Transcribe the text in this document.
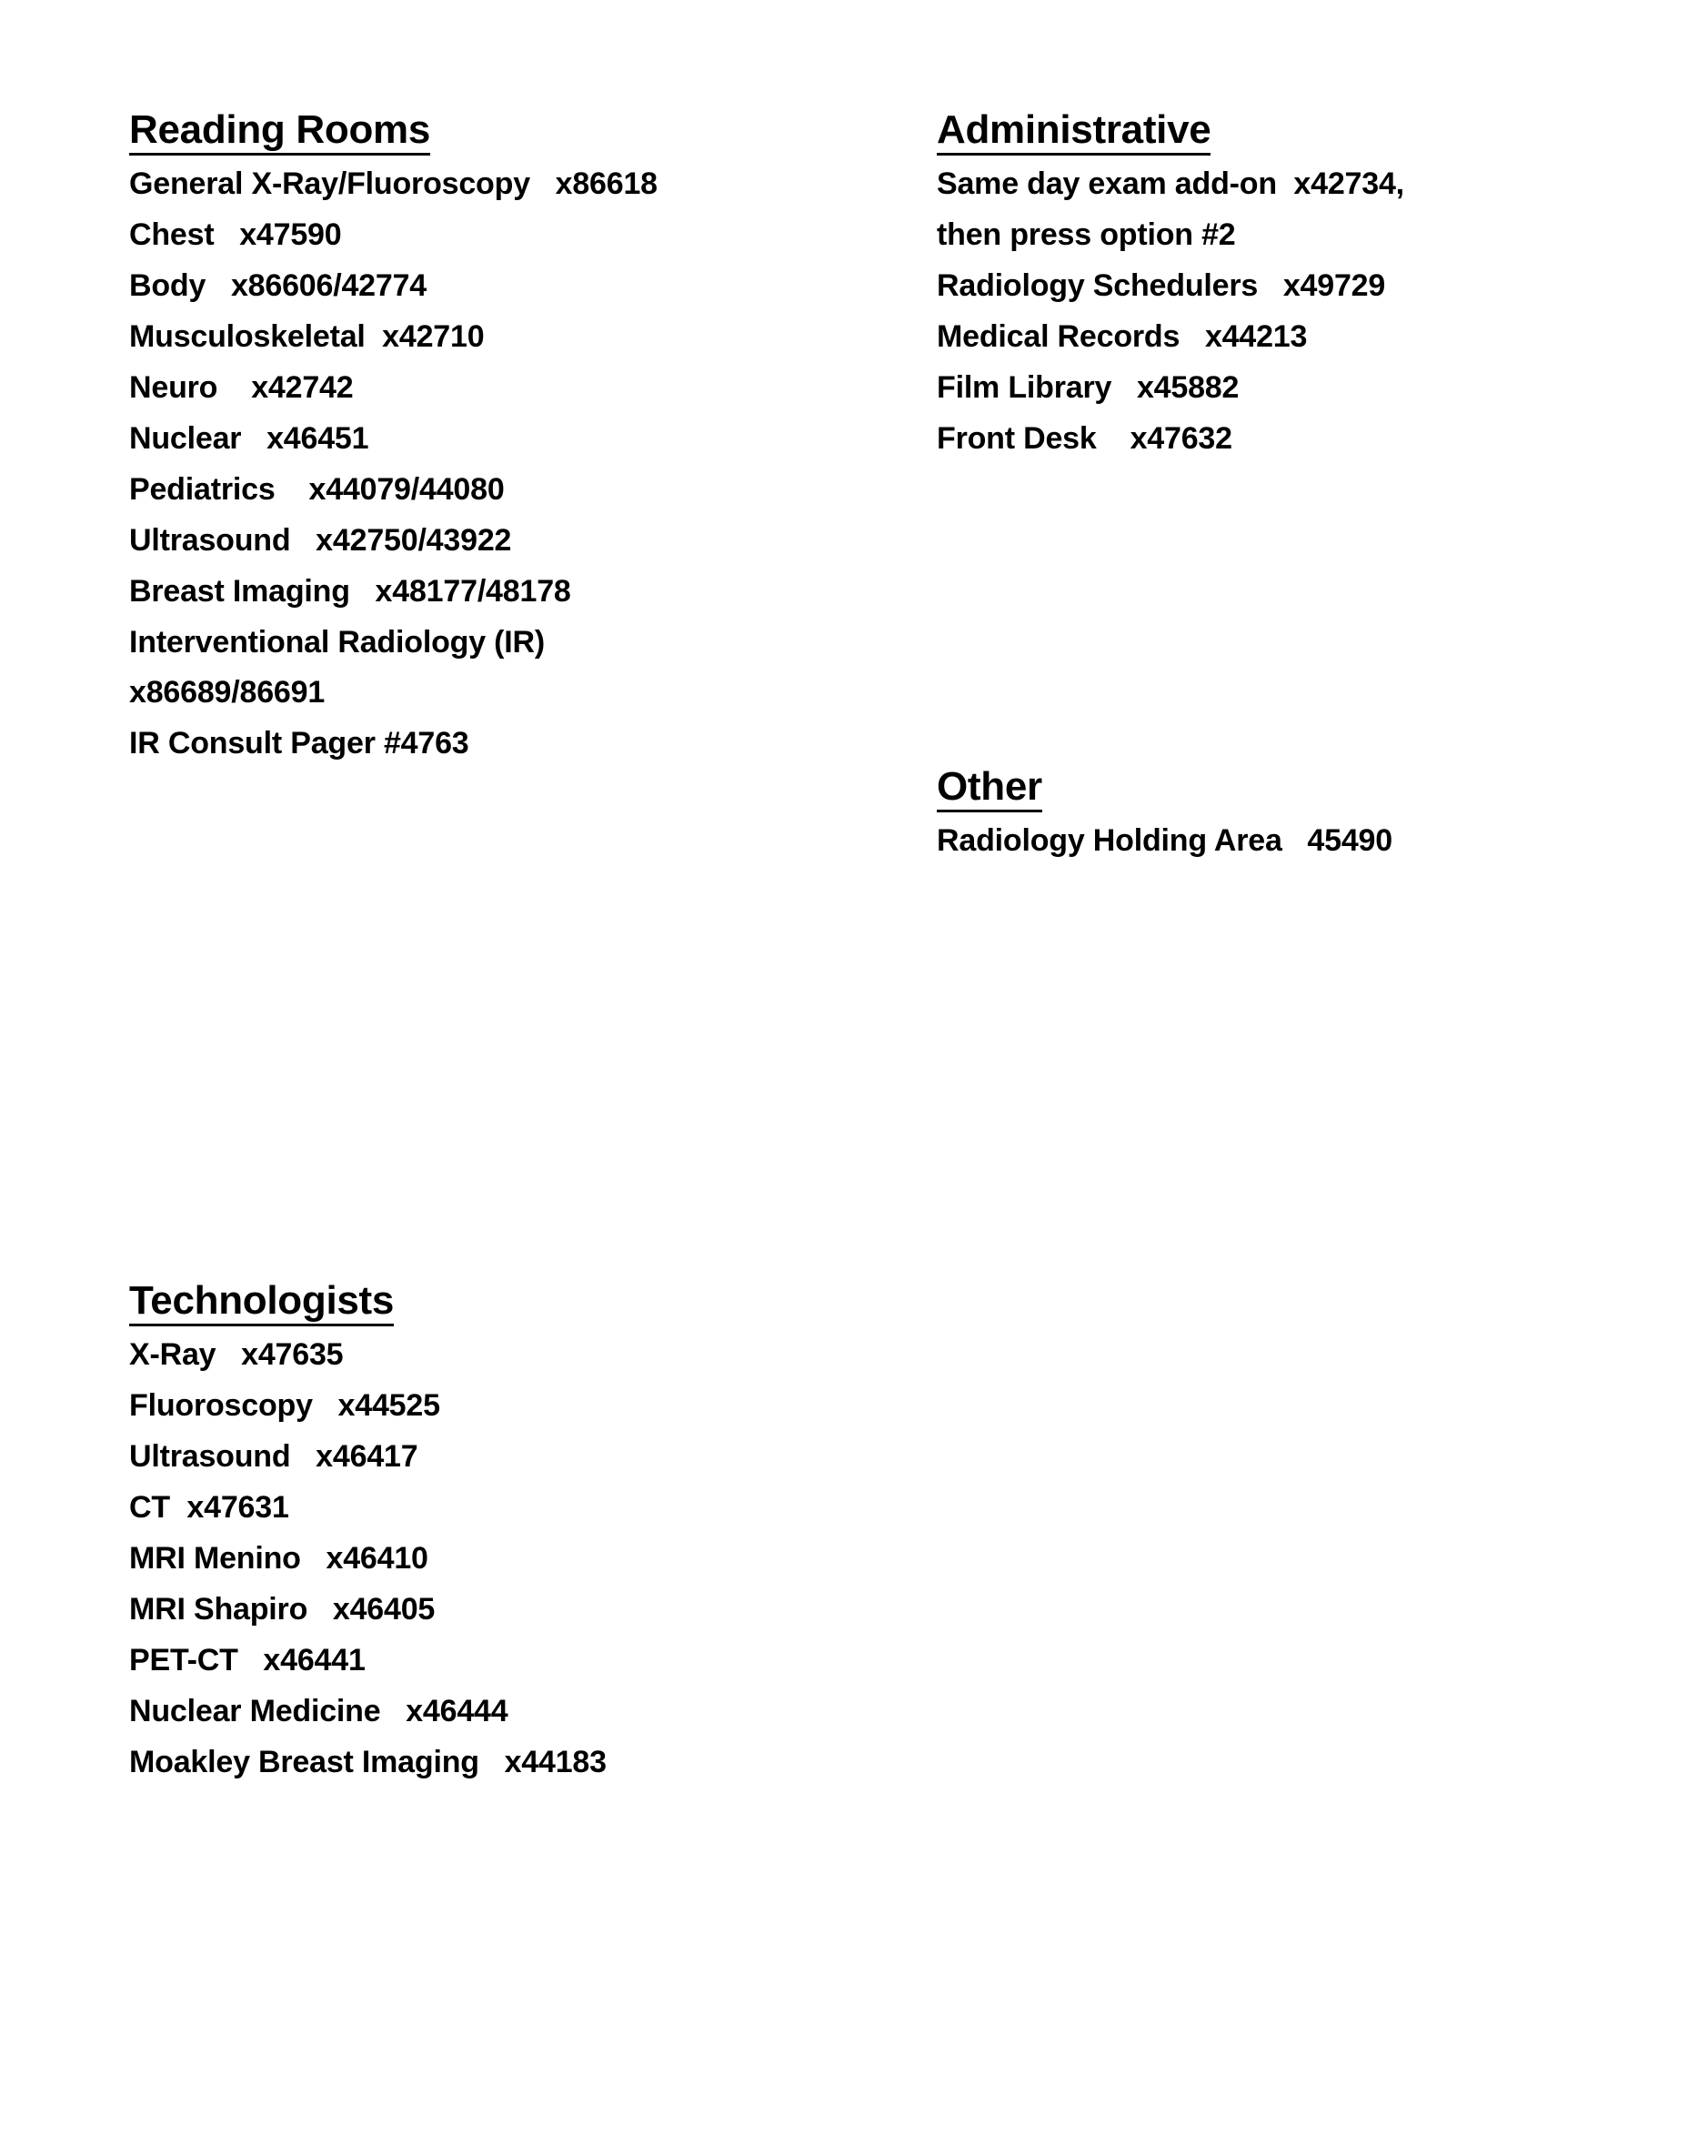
Reading Rooms
General X-Ray/Fluoroscopy   x86618
Chest   x47590
Body   x86606/42774
Musculoskeletal  x42710
Neuro    x42742
Nuclear   x46451
Pediatrics    x44079/44080
Ultrasound   x42750/43922
Breast Imaging   x48177/48178
Interventional Radiology (IR)
x86689/86691
IR Consult Pager #4763
Administrative
Same day exam add-on  x42734,
then press option #2
Radiology Schedulers   x49729
Medical Records   x44213
Film Library   x45882
Front Desk    x47632
Other
Radiology Holding Area   45490
Technologists
X-Ray   x47635
Fluoroscopy   x44525
Ultrasound   x46417
CT  x47631
MRI Menino   x46410
MRI Shapiro   x46405
PET-CT   x46441
Nuclear Medicine   x46444
Moakley Breast Imaging   x44183
